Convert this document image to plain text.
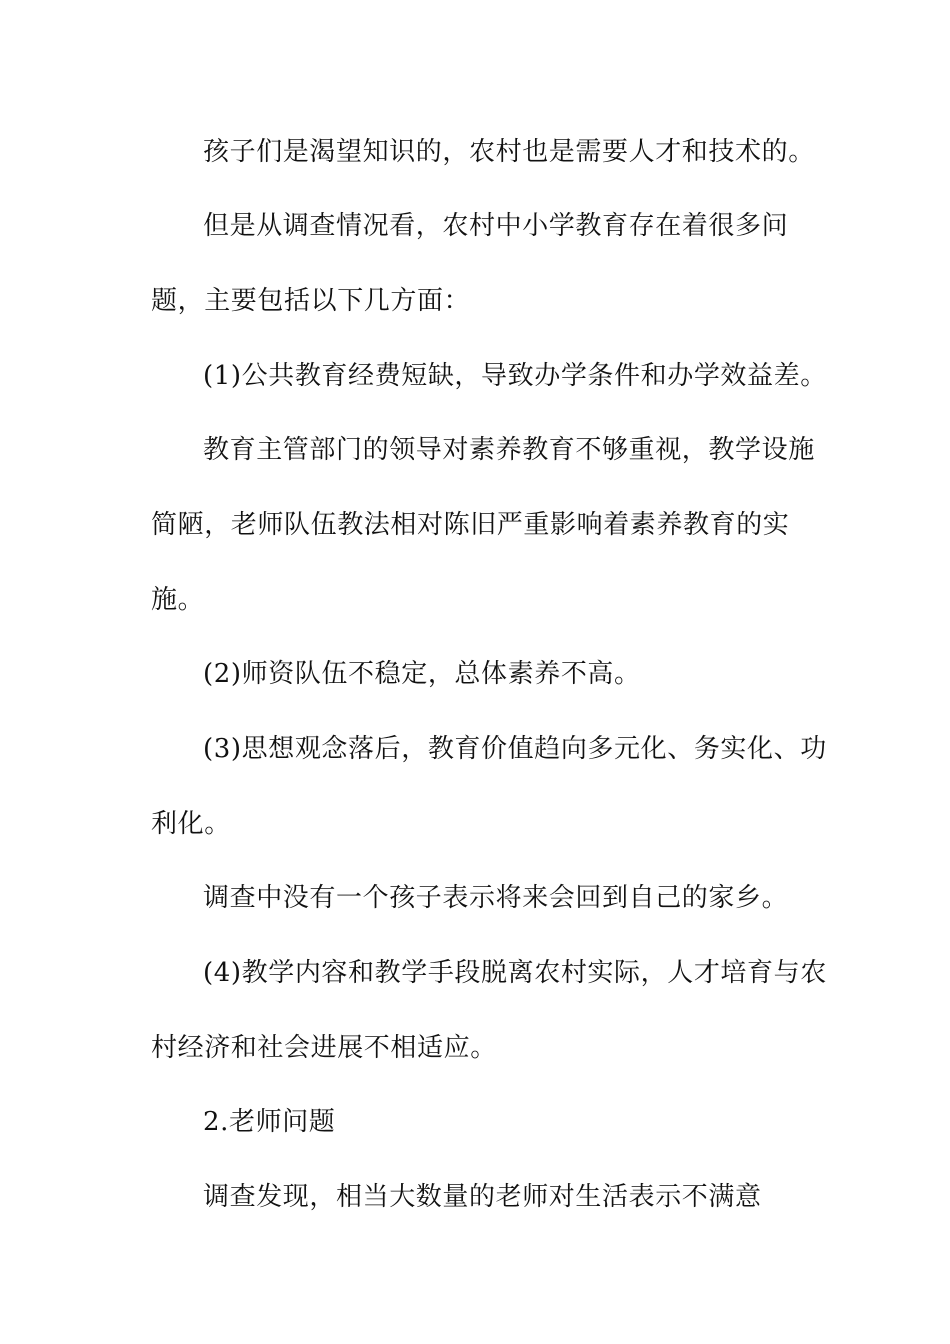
孩子们是渴望知识的，农村也是需要人才和技术的。
但是从调查情况看，农村中小学教育存在着很多问
题，主要包括以下几方面：
(1)公共教育经费短缺，导致办学条件和办学效益差。
教育主管部门的领导对素养教育不够重视，教学设施
简陋，老师队伍教法相对陈旧严重影响着素养教育的实
施。
(2)师资队伍不稳定，总体素养不高。
(3)思想观念落后，教育价值趋向多元化、务实化、功
利化。
调查中没有一个孩子表示将来会回到自己的家乡。
(4)教学内容和教学手段脱离农村实际，人才培育与农
村经济和社会进展不相适应。
2.老师问题
调查发现，相当大数量的老师对生活表示不满意
